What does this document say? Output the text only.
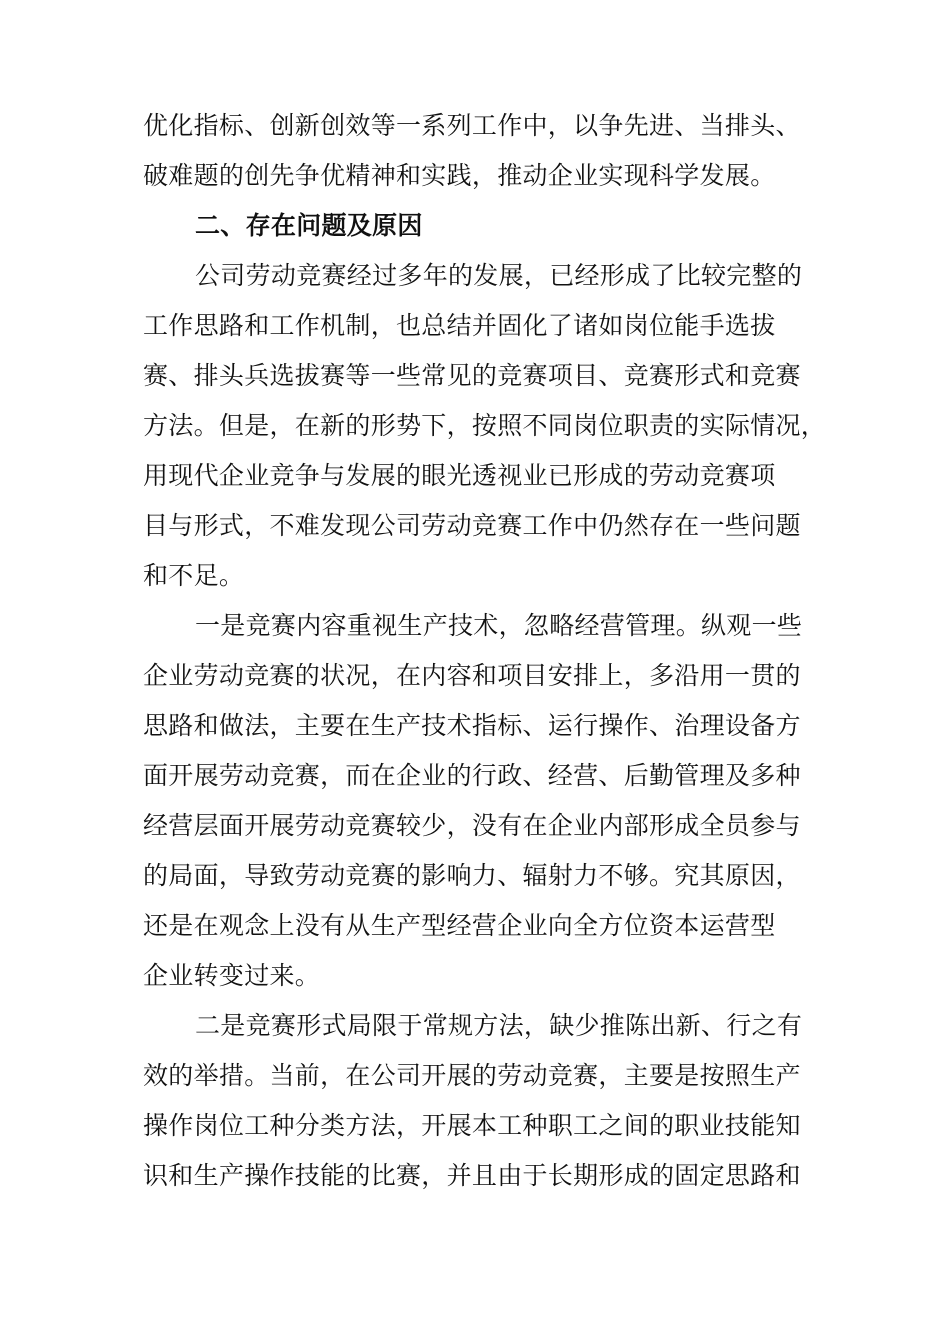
优化指标、创新创效等一系列工作中，以争先进、当排头、
破难题的创先争优精神和实践，推动企业实现科学发展。
二、存在问题及原因
公司劳动竞赛经过多年的发展，已经形成了比较完整的
工作思路和工作机制，也总结并固化了诸如岗位能手选拔
赛、排头兵选拔赛等一些常见的竞赛项目、竞赛形式和竞赛
方法。但是，在新的形势下，按照不同岗位职责的实际情况，
用现代企业竞争与发展的眼光透视业已形成的劳动竞赛项
目与形式，不难发现公司劳动竞赛工作中仍然存在一些问题
和不足。
一是竞赛内容重视生产技术，忽略经营管理。纵观一些
企业劳动竞赛的状况，在内容和项目安排上，多沿用一贯的
思路和做法，主要在生产技术指标、运行操作、治理设备方
面开展劳动竞赛，而在企业的行政、经营、后勤管理及多种
经营层面开展劳动竞赛较少，没有在企业内部形成全员参与
的局面，导致劳动竞赛的影响力、辐射力不够。究其原因，
还是在观念上没有从生产型经营企业向全方位资本运营型
企业转变过来。
二是竞赛形式局限于常规方法，缺少推陈出新、行之有
效的举措。当前，在公司开展的劳动竞赛，主要是按照生产
操作岗位工种分类方法，开展本工种职工之间的职业技能知
识和生产操作技能的比赛，并且由于长期形成的固定思路和
